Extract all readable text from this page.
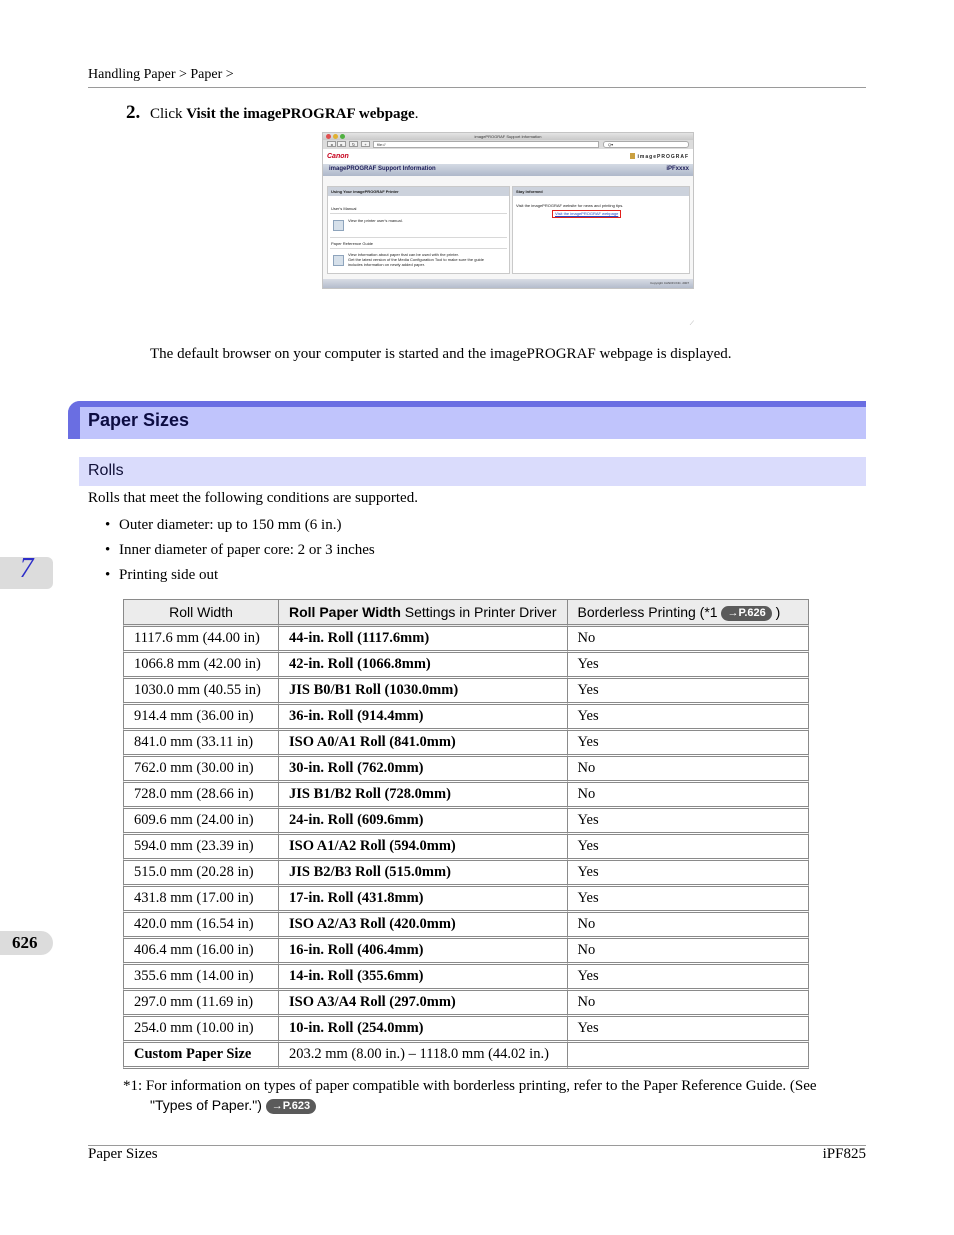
Handling Paper > Paper >
2. Click Visit the imagePROGRAF webpage.
imagePROGRAF Support Information
◂	▸	↻	+	file://	Q▾
Canon	imagePROGRAF
imagePROGRAF Support Information	iPFxxxx
Using Your imagePROGRAF Printer
User's Manual
View the printer user's manual.
Paper Reference Guide
View information about paper that can be used with the printer.
Get the latest version of the Media Configuration Tool to make sure the guide
includes information on newly added paper.
Stay Informed
Visit the imagePROGRAF website for news and printing tips.
Visit the imagePROGRAF webpage
Copyright CANON INC. 2007
⟋
The default browser on your computer is started and the imagePROGRAF webpage is displayed.
Paper Sizes
Rolls
Rolls that meet the following conditions are supported.
• Outer diameter: up to 150 mm (6 in.)
• Inner diameter of paper core: 2 or 3 inches
• Printing side out
7
Roll Width	Roll Paper Width Settings in Printer Driver	Borderless Printing (*1 →P.626 )
1117.6 mm (44.00 in)	44-in. Roll (1117.6mm)	No
1066.8 mm (42.00 in)	42-in. Roll (1066.8mm)	Yes
1030.0 mm (40.55 in)	JIS B0/B1 Roll (1030.0mm)	Yes
914.4 mm (36.00 in)	36-in. Roll (914.4mm)	Yes
841.0 mm (33.11 in)	ISO A0/A1 Roll (841.0mm)	Yes
762.0 mm (30.00 in)	30-in. Roll (762.0mm)	No
728.0 mm (28.66 in)	JIS B1/B2 Roll (728.0mm)	No
609.6 mm (24.00 in)	24-in. Roll (609.6mm)	Yes
594.0 mm (23.39 in)	ISO A1/A2 Roll (594.0mm)	Yes
515.0 mm (20.28 in)	JIS B2/B3 Roll (515.0mm)	Yes
431.8 mm (17.00 in)	17-in. Roll (431.8mm)	Yes
420.0 mm (16.54 in)	ISO A2/A3 Roll (420.0mm)	No
406.4 mm (16.00 in)	16-in. Roll (406.4mm)	No
355.6 mm (14.00 in)	14-in. Roll (355.6mm)	Yes
297.0 mm (11.69 in)	ISO A3/A4 Roll (297.0mm)	No
254.0 mm (10.00 in)	10-in. Roll (254.0mm)	Yes
Custom Paper Size	203.2 mm (8.00 in.) – 1118.0 mm (44.02 in.)	
626
*1: For information on types of paper compatible with borderless printing, refer to the Paper Reference Guide. (See
"Types of Paper.") →P.623
Paper Sizes	iPF825
